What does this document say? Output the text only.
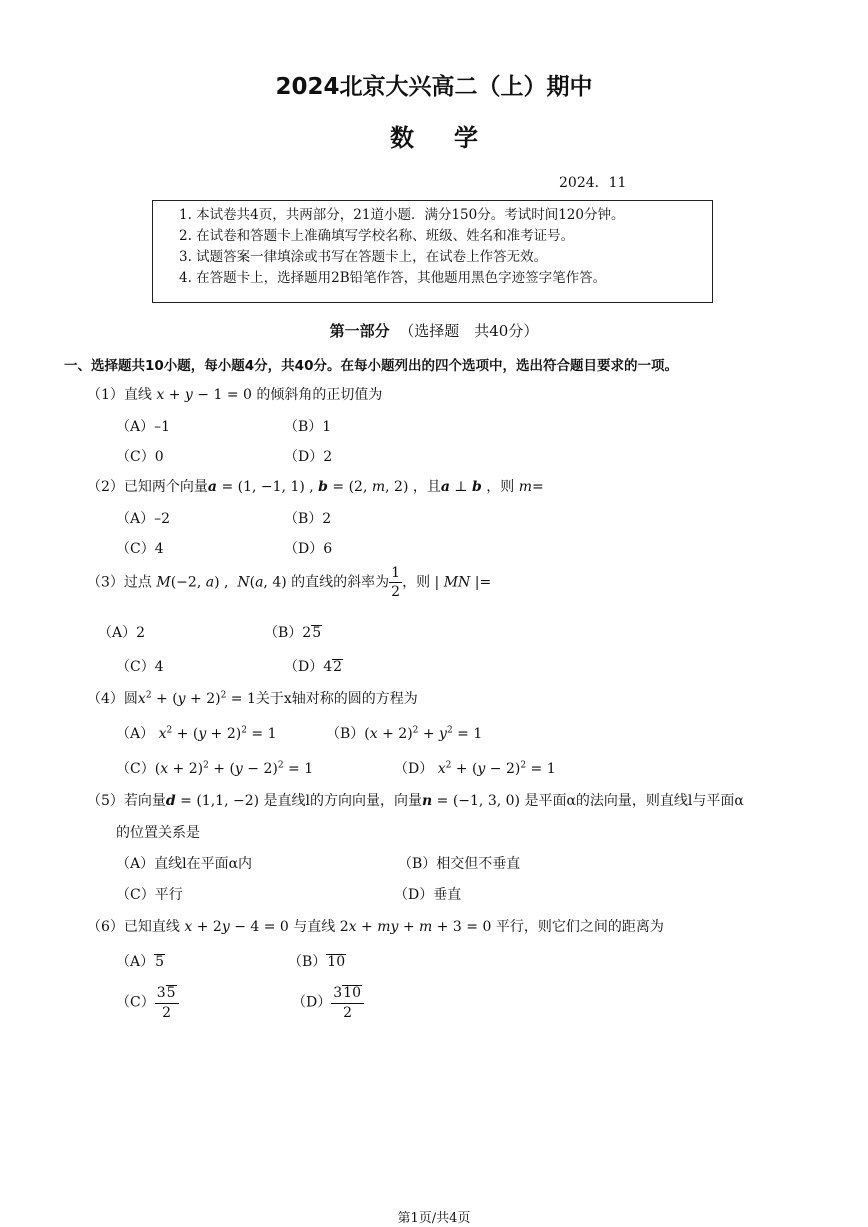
2024北京大兴高二（上）期中
数学
2024．11
1. 本试卷共4页，共两部分，21道小题．满分150分。考试时间120分钟。
2. 在试卷和答题卡上准确填写学校名称、班级、姓名和准考证号。
3. 试题答案一律填涂或书写在答题卡上，在试卷上作答无效。
4. 在答题卡上，选择题用2B铅笔作答，其他题用黑色字迹签字笔作答。
第一部分 （选择题　共40分）
一、选择题共10小题，每小题4分，共40分。在每小题列出的四个选项中，选出符合题目要求的一项。
（1）直线 x + y − 1 = 0 的倾斜角的正切值为
（A）–1	（B）1
（C）0	（D）2
（2）已知两个向量a = (1, −1, 1) , b = (2, m, 2) ，且a ⊥ b ，则 m=
（A）–2	（B）2
（C）4	（D）6
（3）过点 M(−2, a) ,  N(a, 4) 的直线的斜率为 $\frac{1}{2}$ ，则 | MN |=
（A）2	（B）25
（C）4	（D）42
（4）圆$x^2 + (y + 2)^2 = 1$关于x轴对称的圆的方程为
（A） $x^2 + (y + 2)^2 = 1$	$(B)(x + 2)^2 + y^2 = 1$
$(C)(x + 2)^2 + (y - 2)^2 = 1$	（D） $x^2 + (y - 2)^2 = 1$
（5）若向量d = (1,1, −2) 是直线l的方向向量，向量n = (−1, 3, 0) 是平面α的法向量，则直线l与平面α
的位置关系是
（A）直线l在平面α内	（B）相交但不垂直
（C）平行	（D）垂直
（6）已知直线 x + 2y − 4 = 0 与直线 2x + my + m + 3 = 0 平行，则它们之间的距离为
（A）5	（B）10
$(C) \frac{35}{2}$	$(D) \frac{310}{2}$
第1页/共4页
